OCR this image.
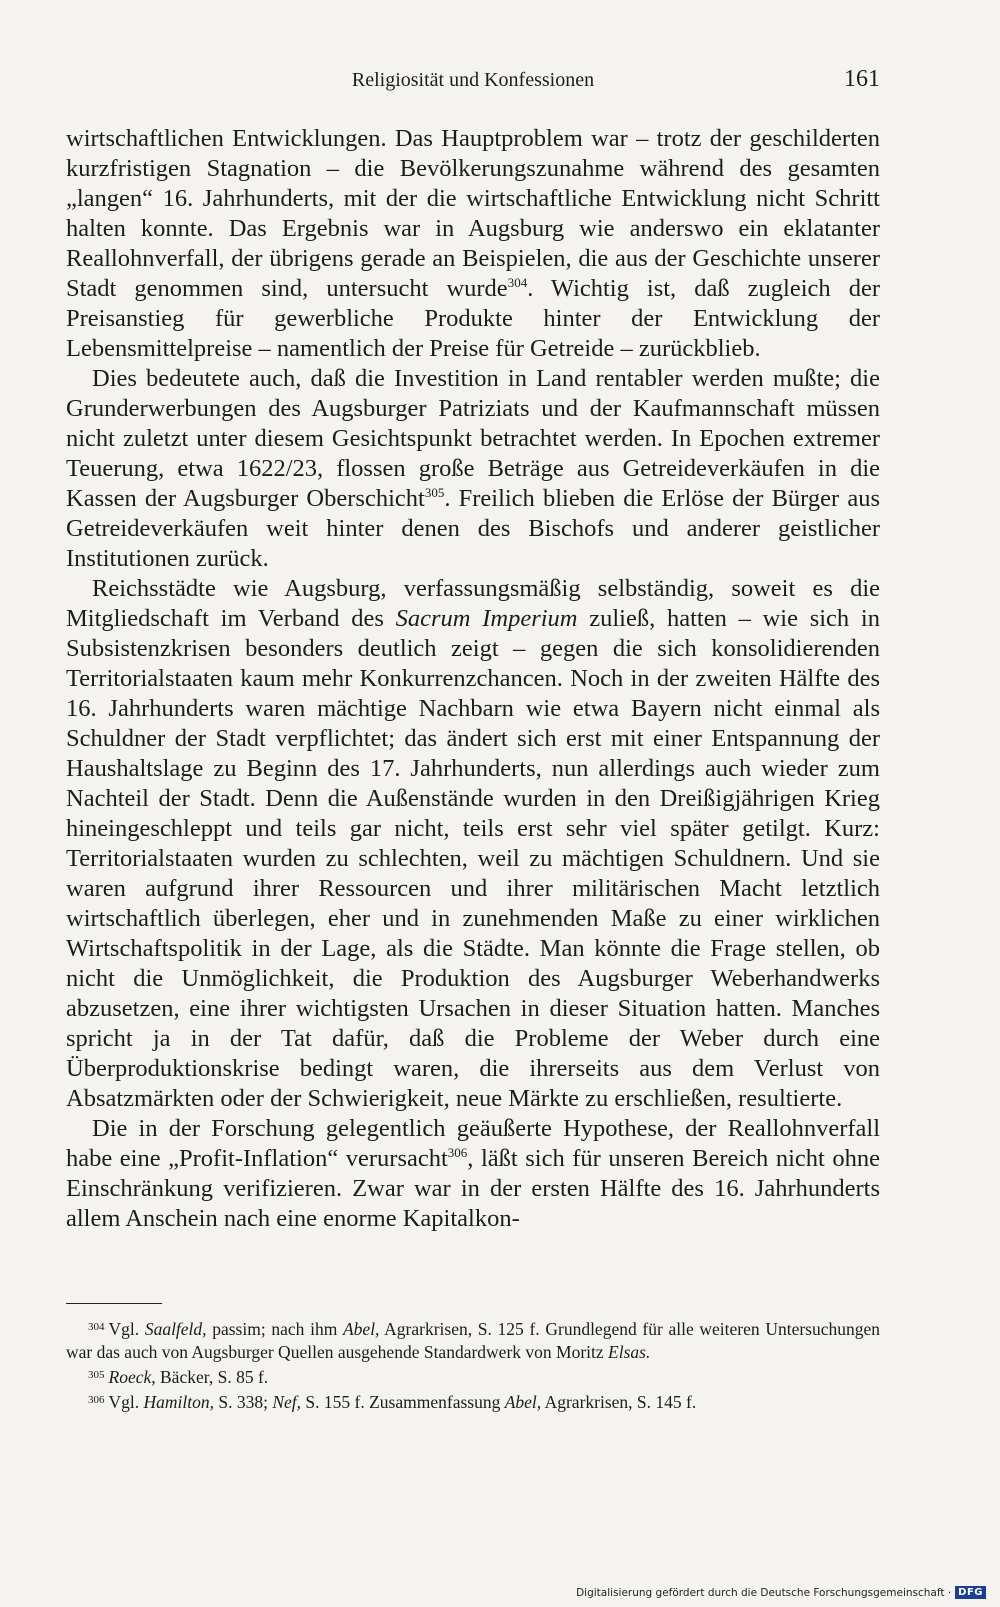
Religiosität und Konfessionen	161

wirtschaftlichen Entwicklungen. Das Hauptproblem war – trotz der geschilderten kurzfristigen Stagnation – die Bevölkerungszunahme während des gesamten „langen“ 16. Jahrhunderts, mit der die wirtschaftliche Entwicklung nicht Schritt halten konnte. Das Ergebnis war in Augsburg wie anderswo ein eklatanter Reallohnverfall, der übrigens gerade an Beispielen, die aus der Geschichte unserer Stadt genommen sind, untersucht wurde$^{304}$. Wichtig ist, daß zugleich der Preisanstieg für gewerbliche Produkte hinter der Entwicklung der Lebensmittelpreise – namentlich der Preise für Getreide – zurückblieb.

Dies bedeutete auch, daß die Investition in Land rentabler werden mußte; die Grunderwerbungen des Augsburger Patriziats und der Kaufmannschaft müssen nicht zuletzt unter diesem Gesichtspunkt betrachtet werden. In Epochen extremer Teuerung, etwa 1622/23, flossen große Beträge aus Getreideverkäufen in die Kassen der Augsburger Oberschicht$^{305}$. Freilich blieben die Erlöse der Bürger aus Getreideverkäufen weit hinter denen des Bischofs und anderer geistlicher Institutionen zurück.

Reichsstädte wie Augsburg, verfassungsmäßig selbständig, soweit es die Mitgliedschaft im Verband des Sacrum Imperium zuließ, hatten – wie sich in Subsistenzkrisen besonders deutlich zeigt – gegen die sich konsolidierenden Territorialstaaten kaum mehr Konkurrenzchancen. Noch in der zweiten Hälfte des 16. Jahrhunderts waren mächtige Nachbarn wie etwa Bayern nicht einmal als Schuldner der Stadt verpflichtet; das ändert sich erst mit einer Entspannung der Haushaltslage zu Beginn des 17. Jahrhunderts, nun allerdings auch wieder zum Nachteil der Stadt. Denn die Außenstände wurden in den Dreißigjährigen Krieg hineingeschleppt und teils gar nicht, teils erst sehr viel später getilgt. Kurz: Territorialstaaten wurden zu schlechten, weil zu mächtigen Schuldnern. Und sie waren aufgrund ihrer Ressourcen und ihrer militärischen Macht letztlich wirtschaftlich überlegen, eher und in zunehmenden Maße zu einer wirklichen Wirtschaftspolitik in der Lage, als die Städte. Man könnte die Frage stellen, ob nicht die Unmöglichkeit, die Produktion des Augsburger Weberhandwerks abzusetzen, eine ihrer wichtigsten Ursachen in dieser Situation hatten. Manches spricht ja in der Tat dafür, daß die Probleme der Weber durch eine Überproduktionskrise bedingt waren, die ihrerseits aus dem Verlust von Absatzmärkten oder der Schwierigkeit, neue Märkte zu erschließen, resultierte.

Die in der Forschung gelegentlich geäußerte Hypothese, der Reallohnverfall habe eine „Profit-Inflation“ verursacht$^{306}$, läßt sich für unseren Bereich nicht ohne Einschränkung verifizieren. Zwar war in der ersten Hälfte des 16. Jahrhunderts allem Anschein nach eine enorme Kapitalkon-

$^{304}$ Vgl. Saalfeld, passim; nach ihm Abel, Agrarkrisen, S. 125 f. Grundlegend für alle weiteren Untersuchungen war das auch von Augsburger Quellen ausgehende Standardwerk von Moritz Elsas.

$^{305}$ Roeck, Bäcker, S. 85 f.

$^{306}$ Vgl. Hamilton, S. 338; Nef, S. 155 f. Zusammenfassung Abel, Agrarkrisen, S. 145 f.

Digitalisierung gefördert durch die Deutsche Forschungsgemeinschaft · DFG
